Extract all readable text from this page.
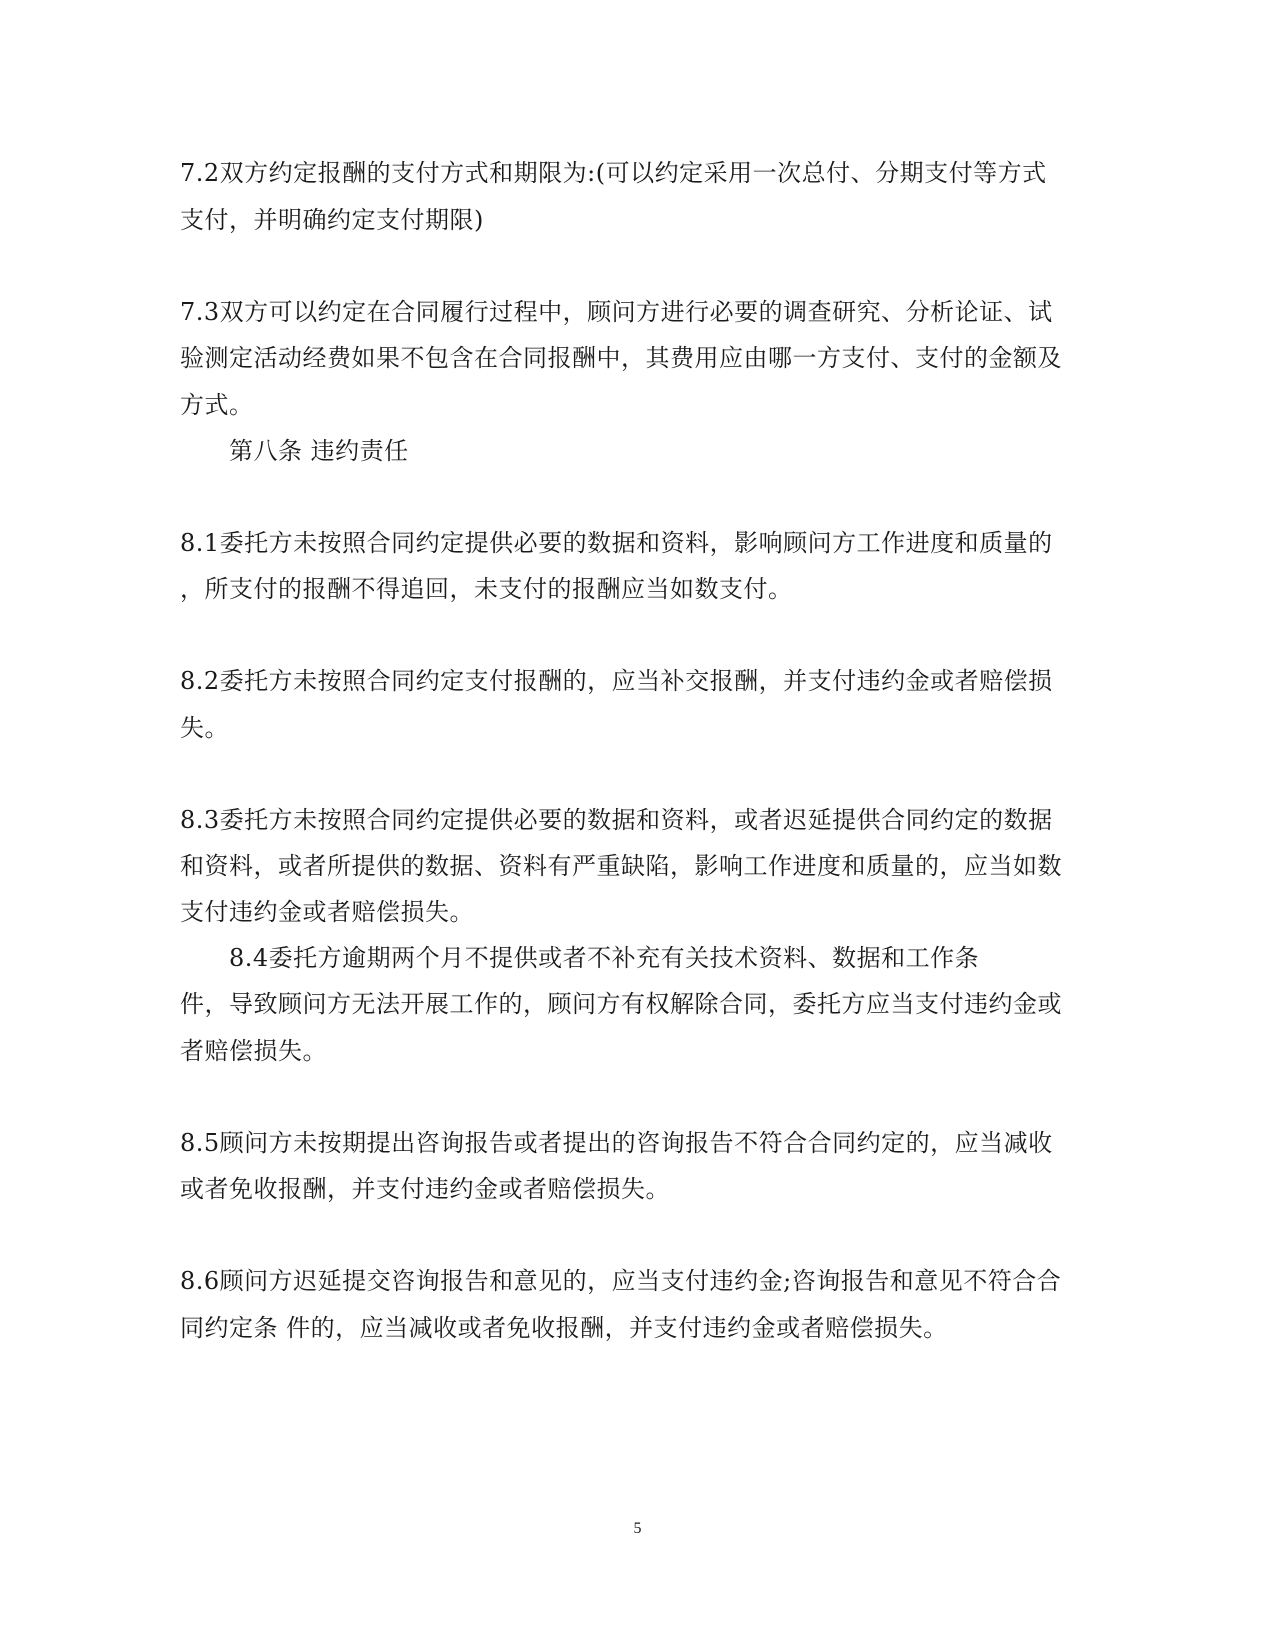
7.2双方约定报酬的支付方式和期限为:(可以约定采用一次总付、分期支付等方式
支付，并明确约定支付期限)
7.3双方可以约定在合同履行过程中，顾问方进行必要的调查研究、分析论证、试
验测定活动经费如果不包含在合同报酬中，其费用应由哪一方支付、支付的金额及
方式。
第八条 违约责任
8.1委托方未按照合同约定提供必要的数据和资料，影响顾问方工作进度和质量的
，所支付的报酬不得追回，未支付的报酬应当如数支付。
8.2委托方未按照合同约定支付报酬的，应当补交报酬，并支付违约金或者赔偿损
失。
8.3委托方未按照合同约定提供必要的数据和资料，或者迟延提供合同约定的数据
和资料，或者所提供的数据、资料有严重缺陷，影响工作进度和质量的，应当如数
支付违约金或者赔偿损失。
8.4委托方逾期两个月不提供或者不补充有关技术资料、数据和工作条
件，导致顾问方无法开展工作的，顾问方有权解除合同，委托方应当支付违约金或
者赔偿损失。
8.5顾问方未按期提出咨询报告或者提出的咨询报告不符合合同约定的，应当减收
或者免收报酬，并支付违约金或者赔偿损失。
8.6顾问方迟延提交咨询报告和意见的，应当支付违约金;咨询报告和意见不符合合
同约定条 件的，应当减收或者免收报酬，并支付违约金或者赔偿损失。
5
